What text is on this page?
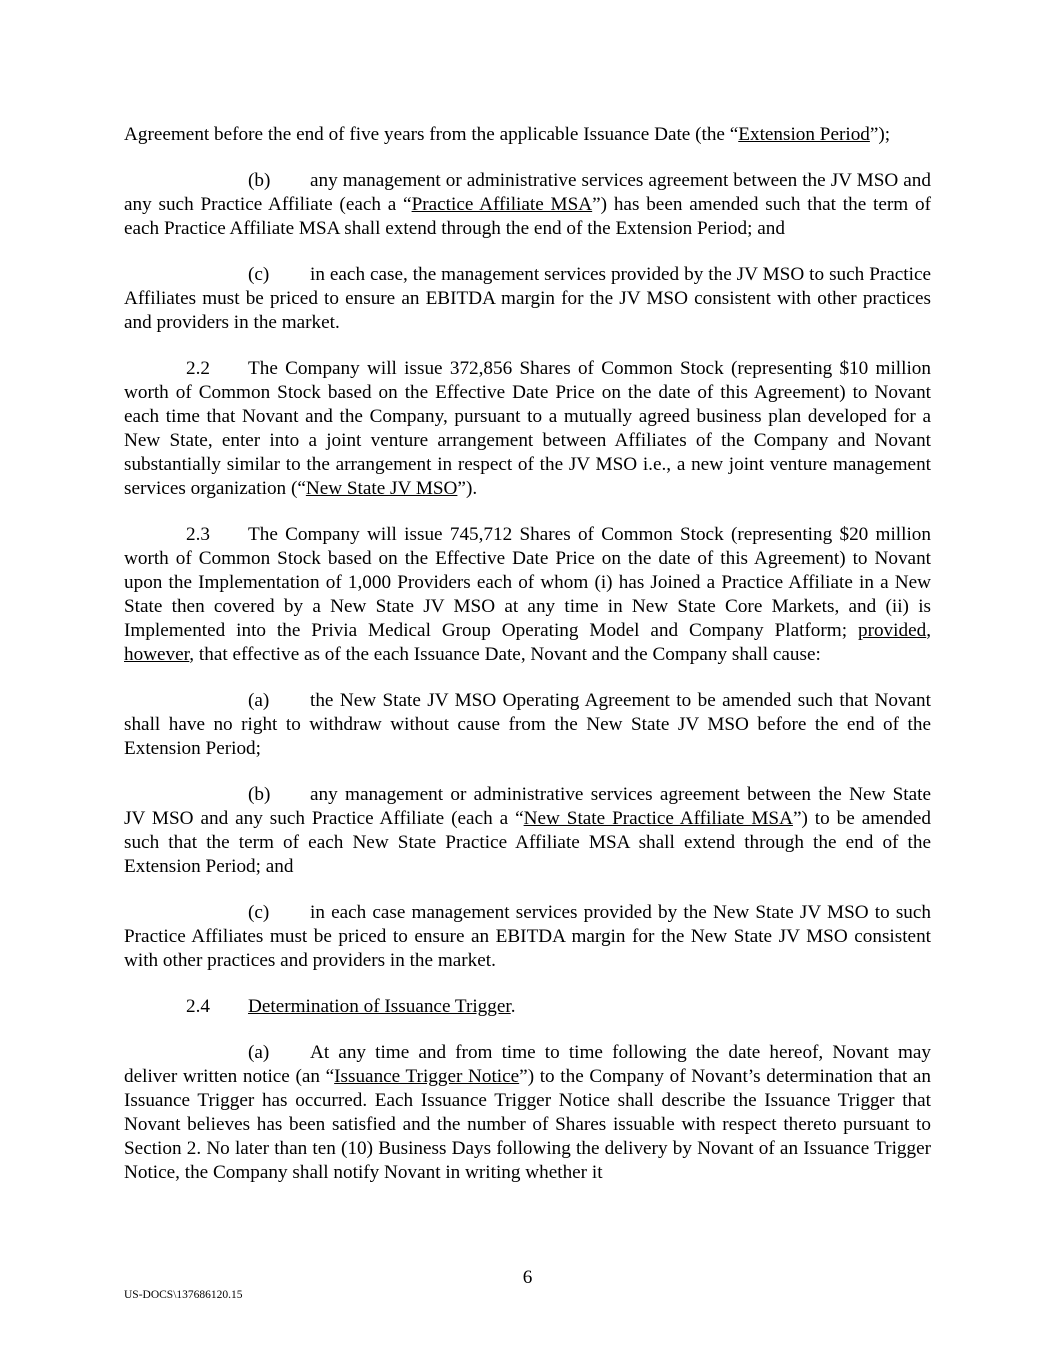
Agreement before the end of five years from the applicable Issuance Date (the “Extension Period”);

(b) any management or administrative services agreement between the JV MSO and any such Practice Affiliate (each a “Practice Affiliate MSA”) has been amended such that the term of each Practice Affiliate MSA shall extend through the end of the Extension Period; and

(c) in each case, the management services provided by the JV MSO to such Practice Affiliates must be priced to ensure an EBITDA margin for the JV MSO consistent with other practices and providers in the market.

2.2 The Company will issue 372,856 Shares of Common Stock (representing $10 million worth of Common Stock based on the Effective Date Price on the date of this Agreement) to Novant each time that Novant and the Company, pursuant to a mutually agreed business plan developed for a New State, enter into a joint venture arrangement between Affiliates of the Company and Novant substantially similar to the arrangement in respect of the JV MSO i.e., a new joint venture management services organization (“New State JV MSO”).

2.3 The Company will issue 745,712 Shares of Common Stock (representing $20 million worth of Common Stock based on the Effective Date Price on the date of this Agreement) to Novant upon the Implementation of 1,000 Providers each of whom (i) has Joined a Practice Affiliate in a New State then covered by a New State JV MSO at any time in New State Core Markets, and (ii) is Implemented into the Privia Medical Group Operating Model and Company Platform; provided, however, that effective as of the each Issuance Date, Novant and the Company shall cause:

(a) the New State JV MSO Operating Agreement to be amended such that Novant shall have no right to withdraw without cause from the New State JV MSO before the end of the Extension Period;

(b) any management or administrative services agreement between the New State JV MSO and any such Practice Affiliate (each a “New State Practice Affiliate MSA”) to be amended such that the term of each New State Practice Affiliate MSA shall extend through the end of the Extension Period; and

(c) in each case management services provided by the New State JV MSO to such Practice Affiliates must be priced to ensure an EBITDA margin for the New State JV MSO consistent with other practices and providers in the market.

2.4 Determination of Issuance Trigger.

(a) At any time and from time to time following the date hereof, Novant may deliver written notice (an “Issuance Trigger Notice”) to the Company of Novant’s determination that an Issuance Trigger has occurred. Each Issuance Trigger Notice shall describe the Issuance Trigger that Novant believes has been satisfied and the number of Shares issuable with respect thereto pursuant to Section 2. No later than ten (10) Business Days following the delivery by Novant of an Issuance Trigger Notice, the Company shall notify Novant in writing whether it

6
US-DOCS\137686120.15
